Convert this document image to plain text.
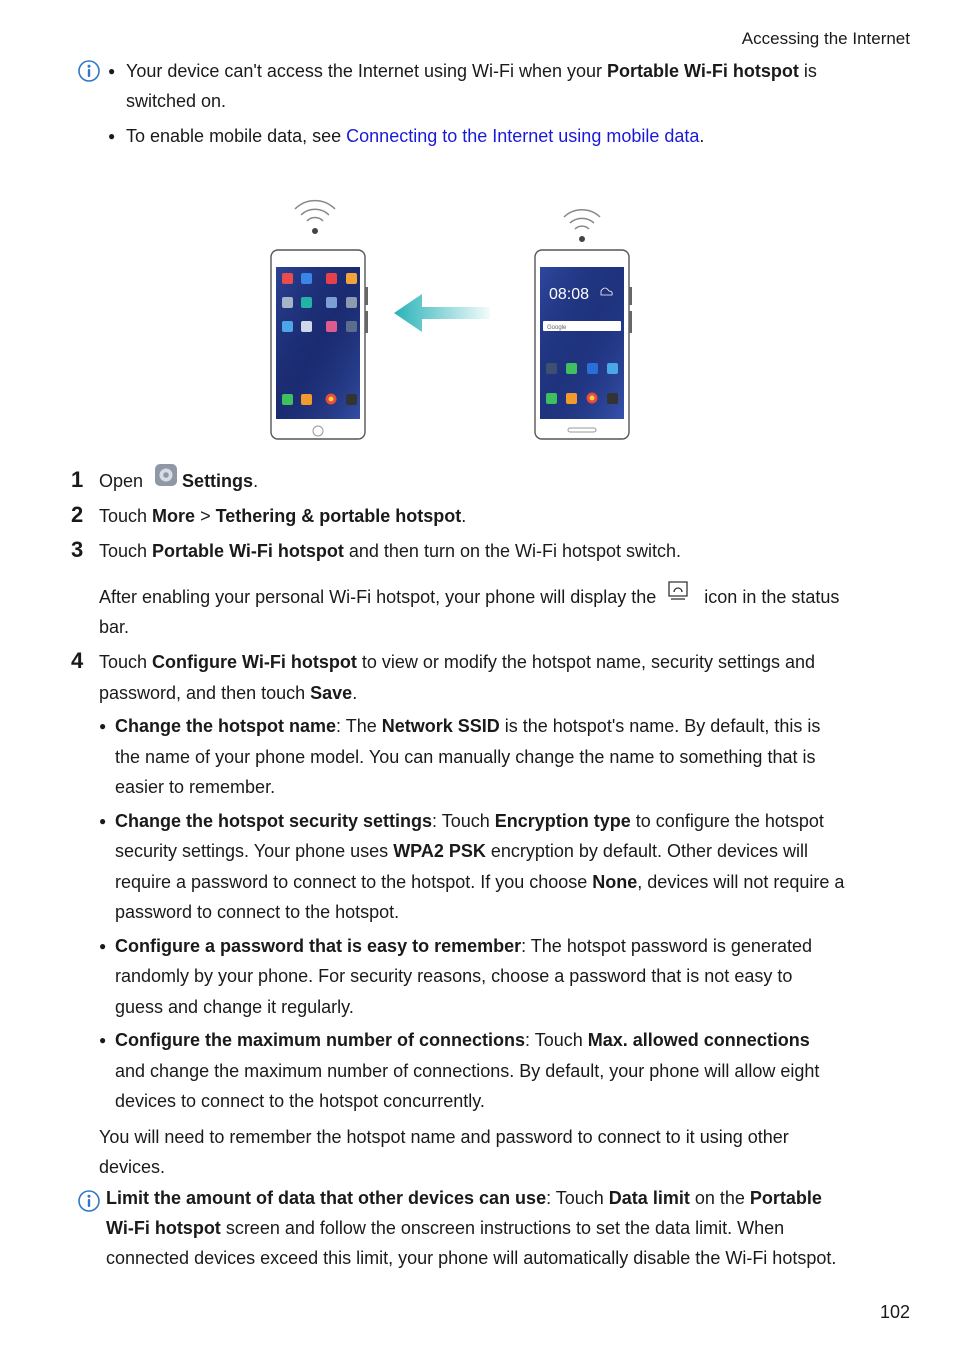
Accessing the Internet
● Your device can't access the Internet using Wi-Fi when your Portable Wi-Fi hotspot is
switched on.
● To enable mobile data, see Connecting to the Internet using mobile data.
08:08
Google
1 Open Settings.
2 Touch More > Tethering & portable hotspot.
3 Touch Portable Wi-Fi hotspot and then turn on the Wi-Fi hotspot switch.
After enabling your personal Wi-Fi hotspot, your phone will display the  icon in the status
bar.
4 Touch Configure Wi-Fi hotspot to view or modify the hotspot name, security settings and
password, and then touch Save.
● Change the hotspot name: The Network SSID is the hotspot's name. By default, this is
the name of your phone model. You can manually change the name to something that is
easier to remember.
● Change the hotspot security settings: Touch Encryption type to configure the hotspot
security settings. Your phone uses WPA2 PSK encryption by default. Other devices will
require a password to connect to the hotspot. If you choose None, devices will not require a
password to connect to the hotspot.
● Configure a password that is easy to remember: The hotspot password is generated
randomly by your phone. For security reasons, choose a password that is not easy to
guess and change it regularly.
● Configure the maximum number of connections: Touch Max. allowed connections
and change the maximum number of connections. By default, your phone will allow eight
devices to connect to the hotspot concurrently.
You will need to remember the hotspot name and password to connect to it using other
devices.
Limit the amount of data that other devices can use: Touch Data limit on the Portable
Wi-Fi hotspot screen and follow the onscreen instructions to set the data limit. When
connected devices exceed this limit, your phone will automatically disable the Wi-Fi hotspot.
102
